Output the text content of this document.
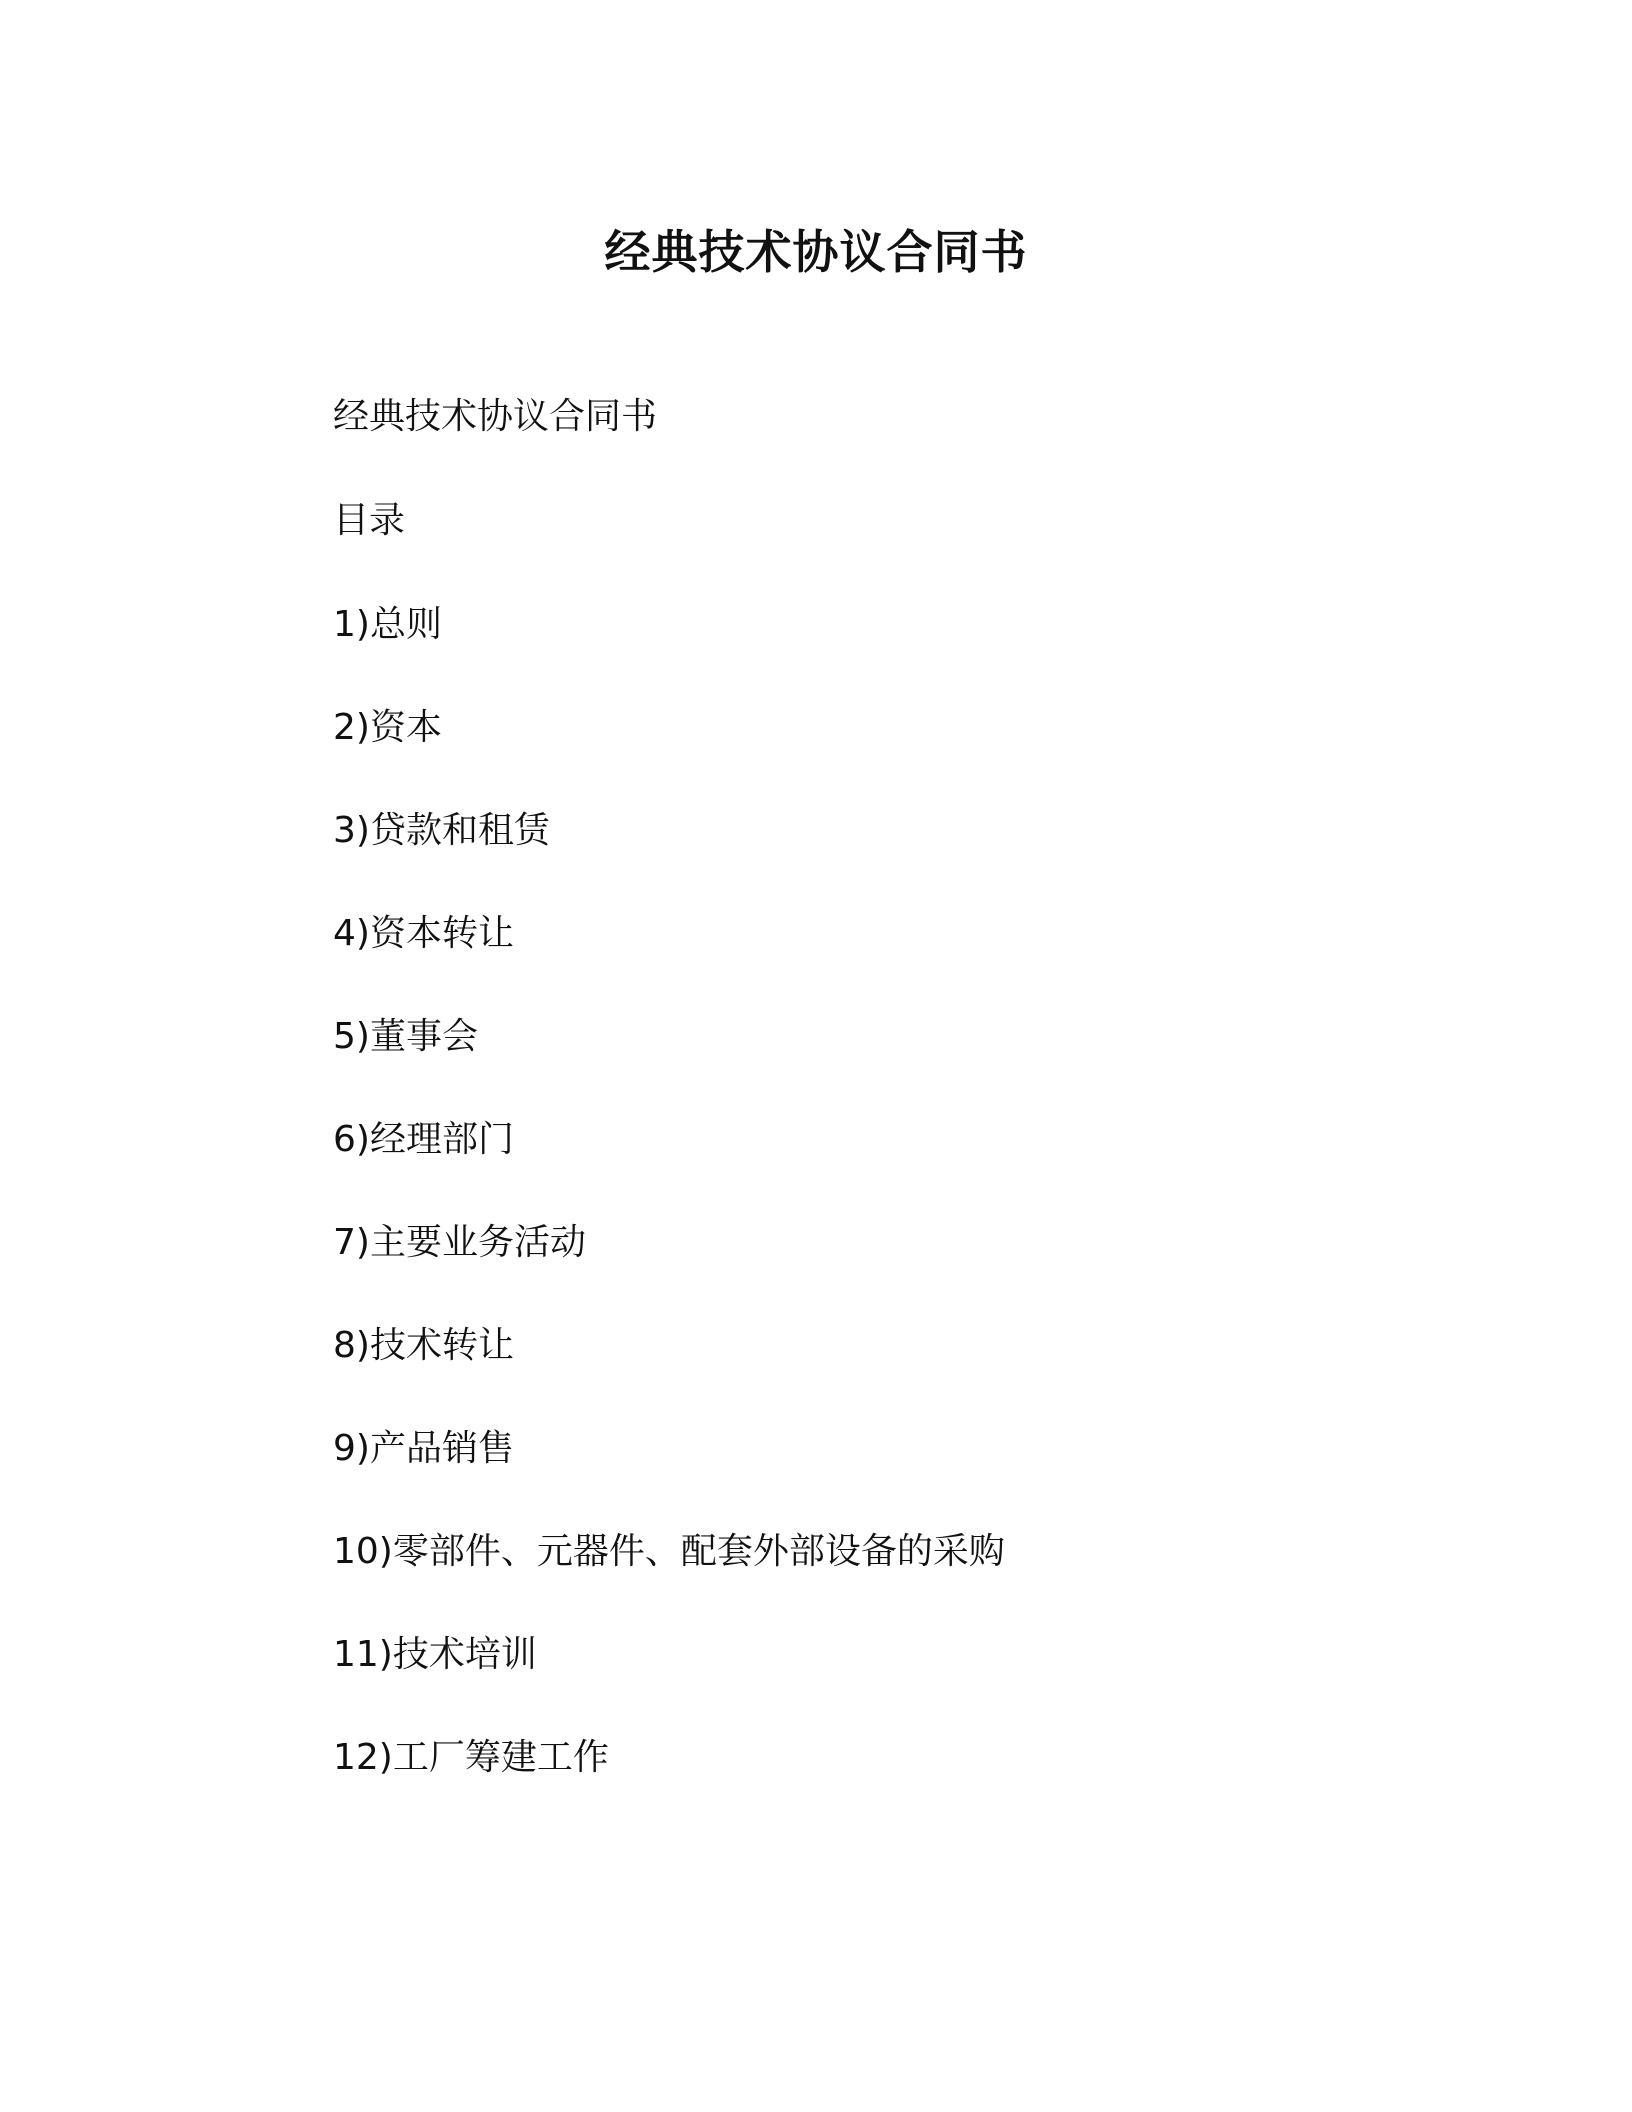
经典技术协议合同书
经典技术协议合同书
目录
1)总则
2)资本
3)贷款和租赁
4)资本转让
5)董事会
6)经理部门
7)主要业务活动
8)技术转让
9)产品销售
10)零部件、元器件、配套外部设备的采购
11)技术培训
12)工厂筹建工作
